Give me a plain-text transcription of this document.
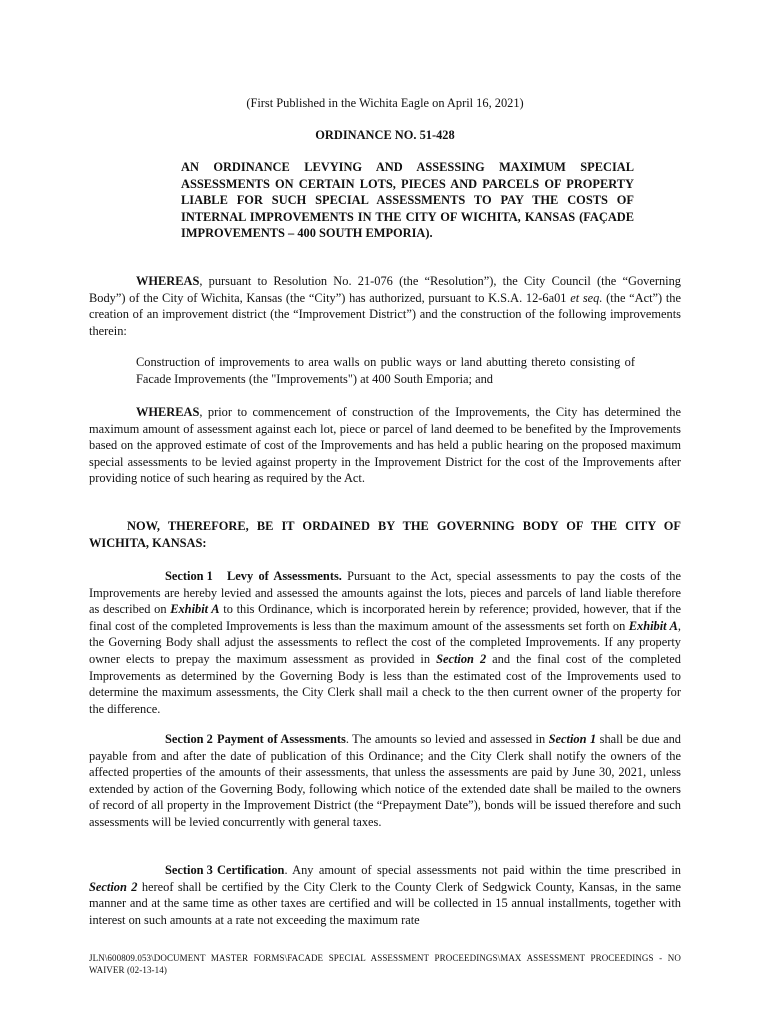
(First Published in the Wichita Eagle on April 16, 2021)
ORDINANCE NO. 51-428
AN ORDINANCE LEVYING AND ASSESSING MAXIMUM SPECIAL ASSESSMENTS ON CERTAIN LOTS, PIECES AND PARCELS OF PROPERTY LIABLE FOR SUCH SPECIAL ASSESSMENTS TO PAY THE COSTS OF INTERNAL IMPROVEMENTS IN THE CITY OF WICHITA, KANSAS (FAÇADE IMPROVEMENTS – 400 SOUTH EMPORIA).
WHEREAS, pursuant to Resolution No. 21-076 (the “Resolution”), the City Council (the “Governing Body”) of the City of Wichita, Kansas (the “City”) has authorized, pursuant to K.S.A. 12-6a01 et seq. (the “Act”) the creation of an improvement district (the “Improvement District”) and the construction of the following improvements therein:
Construction of improvements to area walls on public ways or land abutting thereto consisting of Facade Improvements (the "Improvements") at 400 South Emporia; and
WHEREAS, prior to commencement of construction of the Improvements, the City has determined the maximum amount of assessment against each lot, piece or parcel of land deemed to be benefited by the Improvements based on the approved estimate of cost of the Improvements and has held a public hearing on the proposed maximum special assessments to be levied against property in the Improvement District for the cost of the Improvements after providing notice of such hearing as required by the Act.
NOW, THEREFORE, BE IT ORDAINED BY THE GOVERNING BODY OF THE CITY OF WICHITA, KANSAS:
Section 1 Levy of Assessments. Pursuant to the Act, special assessments to pay the costs of the Improvements are hereby levied and assessed the amounts against the lots, pieces and parcels of land liable therefore as described on Exhibit A to this Ordinance, which is incorporated herein by reference; provided, however, that if the final cost of the completed Improvements is less than the maximum amount of the assessments set forth on Exhibit A, the Governing Body shall adjust the assessments to reflect the cost of the completed Improvements. If any property owner elects to prepay the maximum assessment as provided in Section 2 and the final cost of the completed Improvements as determined by the Governing Body is less than the estimated cost of the Improvements used to determine the maximum assessments, the City Clerk shall mail a check to the then current owner of the property for the difference.
Section 2 Payment of Assessments. The amounts so levied and assessed in Section 1 shall be due and payable from and after the date of publication of this Ordinance; and the City Clerk shall notify the owners of the affected properties of the amounts of their assessments, that unless the assessments are paid by June 30, 2021, unless extended by action of the Governing Body, following which notice of the extended date shall be mailed to the owners of record of all property in the Improvement District (the “Prepayment Date”), bonds will be issued therefore and such assessments will be levied concurrently with general taxes.
Section 3 Certification. Any amount of special assessments not paid within the time prescribed in Section 2 hereof shall be certified by the City Clerk to the County Clerk of Sedgwick County, Kansas, in the same manner and at the same time as other taxes are certified and will be collected in 15 annual installments, together with interest on such amounts at a rate not exceeding the maximum rate
JLN\600809.053\DOCUMENT MASTER FORMS\FACADE SPECIAL ASSESSMENT PROCEEDINGS\MAX ASSESSMENT PROCEEDINGS - NO WAIVER (02-13-14)
